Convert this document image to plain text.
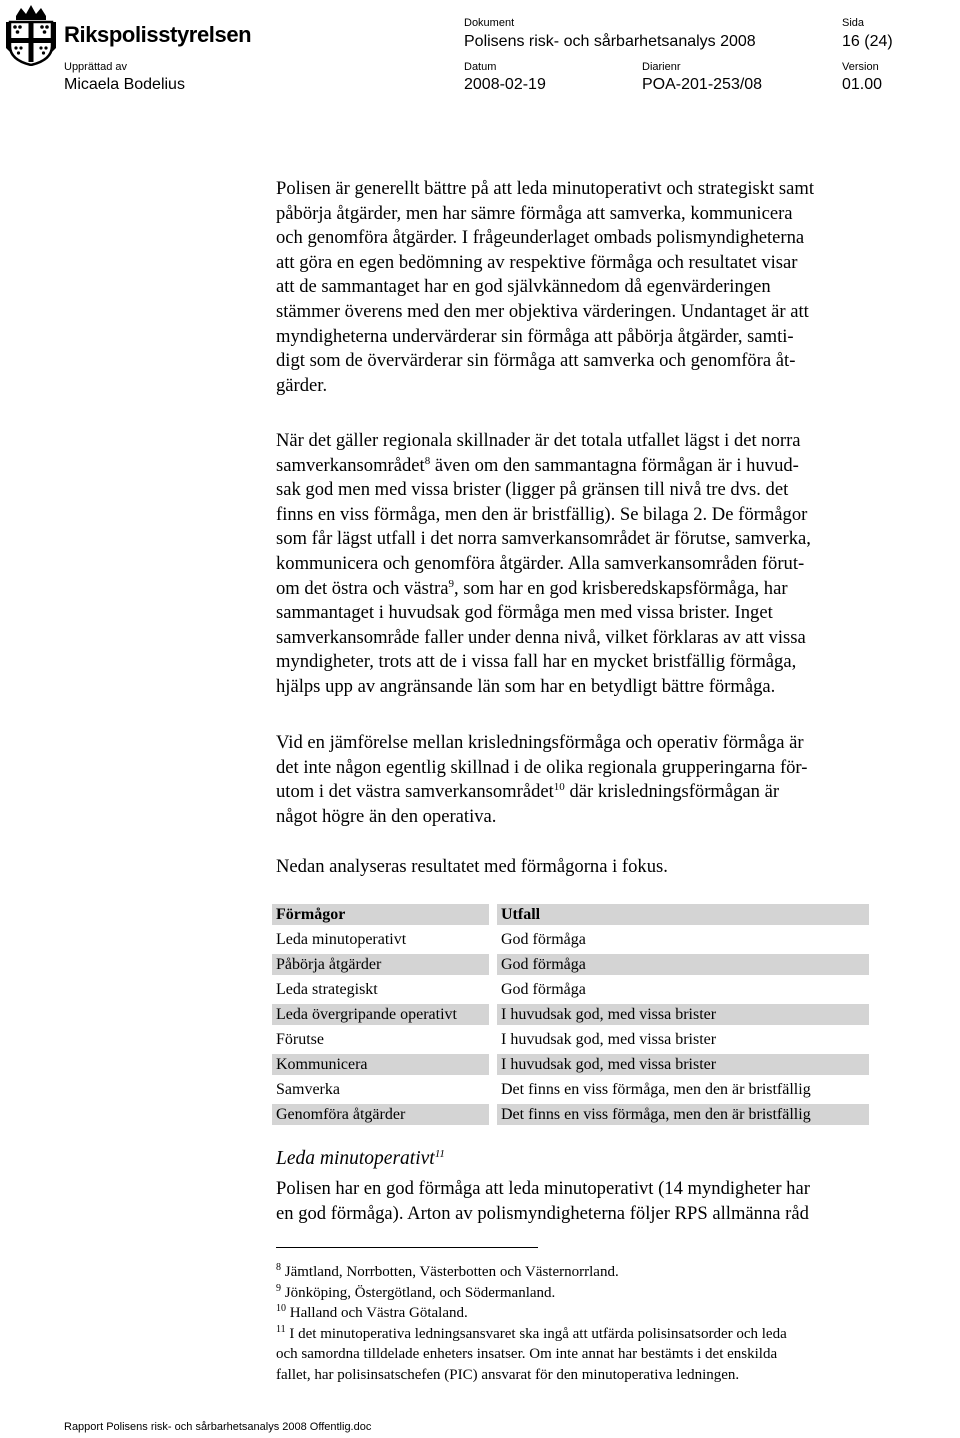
Rikspolisstyrelsen	Dokument
Polisens risk- och sårbarhetsanalys 2008
Sida
16 (24)
Upprättad av
Micaela Bodelius
Datum
2008-02-19
Diarienr
POA-201-253/08
Version
01.00
Polisen är generellt bättre på att leda minutoperativt och strategiskt samt
påbörja åtgärder, men har sämre förmåga att samverka, kommunicera
och genomföra åtgärder. I frågeunderlaget ombads polismyndigheterna
att göra en egen bedömning av respektive förmåga och resultatet visar
att de sammantaget har en god självkännedom då egenvärderingen
stämmer överens med den mer objektiva värderingen. Undantaget är att
myndigheterna undervärderar sin förmåga att påbörja åtgärder, samti-
digt som de övervärderar sin förmåga att samverka och genomföra åt-
gärder.
När det gäller regionala skillnader är det totala utfallet lägst i det norra
samverkansområdet$^8$ även om den sammantagna förmågan är i huvud-
sak god men med vissa brister (ligger på gränsen till nivå tre dvs. det
finns en viss förmåga, men den är bristfällig). Se bilaga 2. De förmågor
som får lägst utfall i det norra samverkansområdet är förutse, samverka,
kommunicera och genomföra åtgärder. Alla samverkansområden förut-
om det östra och västra$^9$, som har en god krisberedskapsförmåga, har
sammantaget i huvudsak god förmåga men med vissa brister. Inget
samverkansområde faller under denna nivå, vilket förklaras av att vissa
myndigheter, trots att de i vissa fall har en mycket bristfällig förmåga,
hjälps upp av angränsande län som har en betydligt bättre förmåga.
Vid en jämförelse mellan krisledningsförmåga och operativ förmåga är
det inte någon egentlig skillnad i de olika regionala grupperingarna för-
utom i det västra samverkansområdet$^{10}$ där krisledningsförmågan är
något högre än den operativa.
Nedan analyseras resultatet med förmågorna i fokus.
Förmågor	Utfall
Leda minutoperativt	God förmåga
Påbörja åtgärder	God förmåga
Leda strategiskt	God förmåga
Leda övergripande operativt	I huvudsak god, med vissa brister
Förutse	I huvudsak god, med vissa brister
Kommunicera	I huvudsak god, med vissa brister
Samverka	Det finns en viss förmåga, men den är bristfällig
Genomföra åtgärder	Det finns en viss förmåga, men den är bristfällig
Leda minutoperativt$^{11}$
Polisen har en god förmåga att leda minutoperativt (14 myndigheter har
en god förmåga). Arton av polismyndigheterna följer RPS allmänna råd
$^8$ Jämtland, Norrbotten, Västerbotten och Västernorrland.
$^9$ Jönköping, Östergötland, och Södermanland.
$^{10}$ Halland och Västra Götaland.
$^{11}$ I det minutoperativa ledningsansvaret ska ingå att utfärda polisinsatsorder och leda
och samordna tilldelade enheters insatser. Om inte annat har bestämts i det enskilda
fallet, har polisinsatschefen (PIC) ansvarat för den minutoperativa ledningen.
Rapport Polisens risk- och sårbarhetsanalys 2008 Offentlig.doc
